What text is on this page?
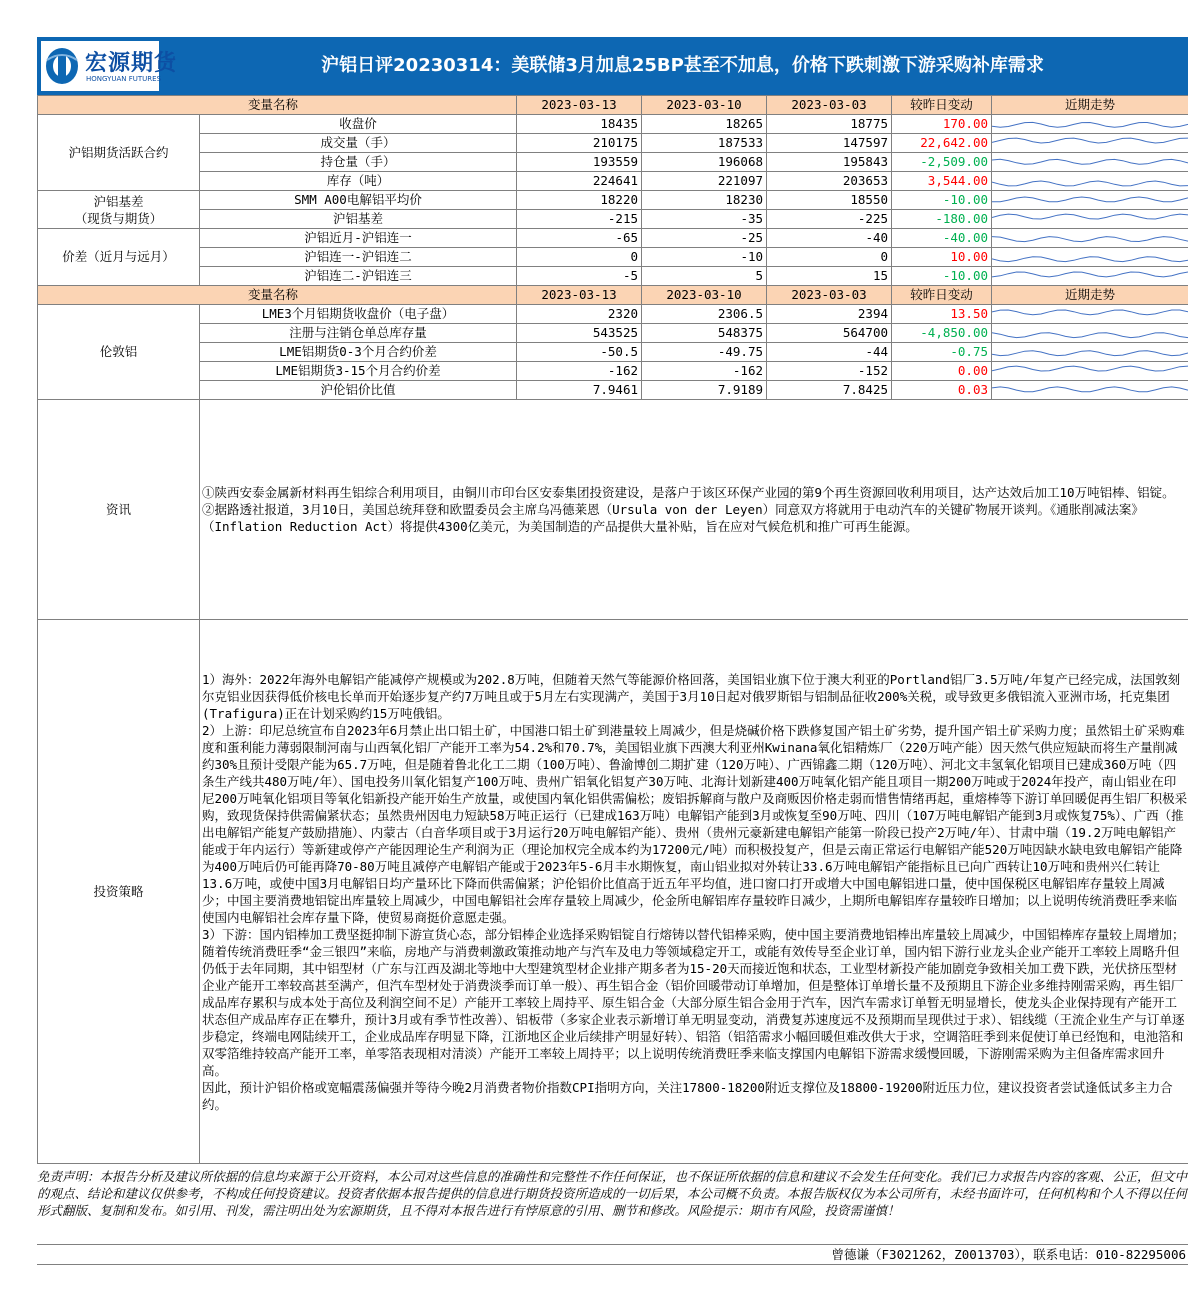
宏源期货
HONGYUAN FUTURES
沪铝日评20230314：美联储3月加息25BP甚至不加息，价格下跌刺激下游采购补库需求
变量名称		2023-03-13	2023-03-10	2023-03-03	较昨日变动	近期走势
沪铝期货活跃合约	收盘价	18435	18265	18775	170.00	

	成交量（手）	210175	187533	147597	22,642.00	

	持仓量（手）	193559	196068	195843	-2,509.00	

	库存（吨）	224641	221097	203653	3,544.00	

沪铝基差
（现货与期货）	SMM A00电解铝平均价	18220	18230	18550	-10.00	

	沪铝基差	-215	-35	-225	-180.00	

价差（近月与远月）	沪铝近月-沪铝连一	-65	-25	-40	-40.00	

	沪铝连一-沪铝连二	0	-10	0	10.00	

	沪铝连二-沪铝连三	-5	5	15	-10.00	

变量名称		2023-03-13	2023-03-10	2023-03-03	较昨日变动	近期走势
伦敦铝	LME3个月铝期货收盘价（电子盘）	2320	2306.5	2394	13.50	

	注册与注销仓单总库存量	543525	548375	564700	-4,850.00	

	LME铝期货0-3个月合约价差	-50.5	-49.75	-44	-0.75	

	LME铝期货3-15个月合约价差	-162	-162	-152	0.00	

	沪伦铝价比值	7.9461	7.9189	7.8425	0.03	

资讯	①陕西安泰金属新材料再生铝综合利用项目，由铜川市印台区安泰集团投资建设，是落户于该区环保产业园的第9个再生资源回收利用项目，达产达效后加工10万吨铝棒、铝锭。

②据路透社报道，3月10日，美国总统拜登和欧盟委员会主席乌冯德莱恩（Ursula von der Leyen）同意双方将就用于电动汽车的关键矿物展开谈判。《通胀削减法案》（Inflation Reduction Act）将提供4300亿美元，为美国制造的产品提供大量补贴，旨在应对气候危机和推广可再生能源。					

投资策略	1）海外：2022年海外电解铝产能减停产规模或为202.8万吨，但随着天然气等能源价格回落，美国铝业旗下位于澳大利亚的Portland铝厂3.5万吨/年复产已经完成，法国敦刻尔克铝业因获得低价核电长单而开始逐步复产约7万吨且或于5月左右实现满产，美国于3月10日起对俄罗斯铝与铝制品征收200%关税，或导致更多俄铝流入亚洲市场，托克集团(Trafigura)正在计划采购约15万吨俄铝。

2）上游：印尼总统宣布自2023年6月禁止出口铝土矿，中国港口铝土矿到港量较上周减少，但是烧碱价格下跌修复国产铝土矿劣势，提升国产铝土矿采购力度；虽然铝土矿采购难度和蛋利能力薄弱限制河南与山西氧化铝厂产能开工率为54.2%和70.7%，美国铝业旗下西澳大利亚州Kwinana氧化铝精炼厂（220万吨产能）因天然气供应短缺而将生产量削减约30%且预计受限产能为65.7万吨，但是随着鲁北化工二期（100万吨）、鲁渝博创二期扩建（120万吨）、广西锦鑫二期（120万吨）、河北文丰氢氧化铝项目已建成360万吨（四条生产线共480万吨/年）、国电投务川氧化铝复产100万吨、贵州广铝氧化铝复产30万吨、北海计划新建400万吨氧化铝产能且项目一期200万吨或于2024年投产，南山铝业在印尼200万吨氧化铝项目等氧化铝新投产能开始生产放量，或使国内氧化铝供需偏松；废铝拆解商与散户及商贩因价格走弱而惜售情绪再起，重熔棒等下游订单回暖促再生铝厂积极采购，致现货保持供需偏紧状态；虽然贵州因电力短缺58万吨正运行（已建成163万吨）电解铝产能到3月或恢复至90万吨、四川（107万吨电解铝产能到3月或恢复75%）、广西（推出电解铝产能复产鼓励措施）、内蒙古（白音华项目或于3月运行20万吨电解铝产能）、贵州（贵州元豪新建电解铝产能第一阶段已投产2万吨/年）、甘肃中瑞（19.2万吨电解铝产能或于年内运行）等新建或停产产能因理论生产利润为正（理论加权完全成本约为17200元/吨）而积极投复产，但是云南正常运行电解铝产能520万吨因缺水缺电致电解铝产能降为400万吨后仍可能再降70-80万吨且减停产电解铝产能或于2023年5-6月丰水期恢复，南山铝业拟对外转让33.6万吨电解铝产能指标且已向广西转让10万吨和贵州兴仁转让13.6万吨，或使中国3月电解铝日均产量环比下降而供需偏紧；沪伦铝价比值高于近五年平均值，进口窗口打开或增大中国电解铝进口量，使中国保税区电解铝库存量较上周减少；中国主要消费地铝锭出库量较上周减少，中国电解铝社会库存量较上周减少，伦金所电解铝库存量较昨日减少，上期所电解铝库存量较昨日增加；以上说明传统消费旺季来临使国内电解铝社会库存量下降，使贸易商挺价意愿走强。

3）下游：国内铝棒加工费坚挺抑制下游宣货心态，部分铝棒企业选择采购铝锭自行熔铸以替代铝棒采购，使中国主要消费地铝棒出库量较上周减少，中国铝棒库存量较上周增加；随着传统消费旺季“金三银四”来临，房地产与消费刺激政策推动地产与汽车及电力等领域稳定开工，或能有效传导至企业订单，国内铝下游行业龙头企业产能开工率较上周略升但仍低于去年同期，其中铝型材（广东与江西及湖北等地中大型建筑型材企业排产期多者为15-20天而接近饱和状态，工业型材新投产能加剧竞争致相关加工费下跌，光伏挤压型材企业产能开工率较高甚至满产，但汽车型材处于消费淡季而订单一般）、再生铝合金（铝价回暖带动订单增加，但是整体订单增长量不及预期且下游企业多维持刚需采购，再生铝厂成品库存累积与成本处于高位及利润空间不足）产能开工率较上周持平、原生铝合金（大部分原生铝合金用于汽车，因汽车需求订单暂无明显增长，使龙头企业保持现有产能开工状态但产成品库存正在攀升，预计3月或有季节性改善）、铝板带（多家企业表示新增订单无明显变动，消费复苏速度远不及预期而呈现供过于求）、铝线缆（王流企业生产与订单逐步稳定，终端电网陆续开工，企业成品库存明显下降，江浙地区企业后续排产明显好转）、铝箔（铝箔需求小幅回暖但难改供大于求，空调箔旺季到来促使订单已经饱和，电池箔和双零箔维持较高产能开工率，单零箔表现相对清淡）产能开工率较上周持平；以上说明传统消费旺季来临支撑国内电解铝下游需求缓慢回暖，下游刚需采购为主但备库需求回升高。

因此，预计沪铝价格或宽幅震荡偏强并等待今晚2月消费者物价指数CPI指明方向，关注17800-18200附近支撑位及18800-19200附近压力位，建议投资者尝试逢低试多主力合约。					

免责声明：本报告分析及建议所依据的信息均来源于公开资料，本公司对这些信息的准确性和完整性不作任何保证，也不保证所依据的信息和建议不会发生任何变化。我们已力求报告内容的客观、公正，但文中的观点、结论和建议仅供参考，不构成任何投资建议。投资者依据本报告提供的信息进行期货投资所造成的一切后果，本公司概不负责。本报告版权仅为本公司所有，未经书面许可，任何机构和个人不得以任何形式翻版、复制和发布。如引用、刊发，需注明出处为宏源期货，且不得对本报告进行有悖原意的引用、删节和修改。风险提示：期市有风险，投资需谨慎！
曾德谦（F3021262，Z0013703），联系电话：010-82295006
